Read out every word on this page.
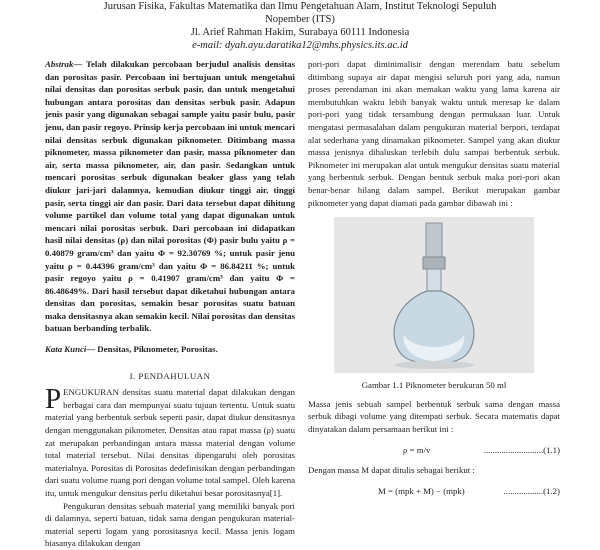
Jurusan Fisika, Fakultas Matematika dan Ilmu Pengetahuan Alam, Institut Teknologi Sepuluh
Nopember (ITS)
Jl. Arief Rahman Hakim, Surabaya 60111 Indonesia
e-mail: dyah.ayu.daratika12@mhs.physics.its.ac.id

Abstrak— Telah dilakukan percobaan berjudul analisis densitas dan porositas pasir. Percobaan ini bertujuan untuk mengetahui nilai densitas dan porositas serbuk pasir, dan untuk mengetahui hubungan antara porositas dan densitas serbuk pasir. Adapun jenis pasir yang digunakan sebagai sample yaitu pasir bulu, pasir jenu, dan pasir regoyo. Prinsip kerja percobaan ini untuk mencari nilai densitas serbuk digunakan piknometer. Ditimbang massa piknometer, massa piknometer dan pasir, massa piknometer dan air, serta massa piknometer, air, dan pasir. Sedangkan untuk mencari porositas serbuk digunakan beaker glass yang telah diukur jari-jari dalamnya, kemudian diukur tinggi air, tinggi pasir, serta tinggi air dan pasir. Dari data tersebut dapat dihitung volume partikel dan volume total yang dapat digunakan untuk mencari nilai porositas serbuk. Dari percobaan ini didapatkan hasil nilai densitas (ρ) dan nilai porositas (Φ) pasir bulu yaitu ρ = 0.40879 gram/cm³ dan yaitu Φ = 92.30769 %; untuk pasir jenu yaitu ρ = 0.44396 gram/cm³ dan yaitu Φ = 86.84211 %; untuk pasir regoyo yaitu ρ = 0.41907 gram/cm³ dan yaitu Φ = 86.48649%. Dari hasil tersebut dapat diketahui hubungan antara densitas dan porositas, semakin besar porositas suatu batuan maka densitasnya akan semakin kecil. Nilai porositas dan densitas batuan berbanding terbalik.

Kata Kunci— Densitas, Piknometer, Porositas.

I. PENDAHULUAN

PENGUKURAN densitas suatu material dapat dilakukan dengan berbagai cara dan mempunyai suatu tujuan tertentu. Untuk suatu material yang berbentuk serbuk seperti pasir, dapat diukur densitasnya dengan menggunakan piknometer. Densitas atau rapat massa (ρ) suatu zat merupakan perbandingan antara massa material dengan volume total material tersebut. Nilai densitas dipengaruhi oleh porositas materialnya. Porositas di Porositas dedefinisikan dengan perbandingan dari suatu volume ruang pori dengan volume total sampel. Oleh karena itu, untuk mengukur densitas perlu diketahui besar porositasnya[1].

Pengukuran densitas sebuah material yang memiliki banyak pori di dalamnya, seperti batuan, tidak sama dengan pengukuran material-material seperti logam yang porositasnya kecil. Massa jenis logam biasanya dilakukan dengan

pori-pori dapat diminimalisir dengan merendam batu sebelum ditimbang supaya air dapat mengisi seluruh pori yang ada, namun proses perendaman ini akan memakan waktu yang lama karena air membutuhkan waktu lebih banyak waktu untuk meresap ke dalam pori-pori yang tidak tersambung dengan permukaan luar. Untuk mengatasi permasalahan dalam pengukuran material berpori, terdapat alat sederhana yang dinamakan piknometer. Sampel yang akan diukur massa jenisnya dihaluskan terlebih dulu sampai berbentuk serbuk. Piknometer ini merupakan alat untuk mengukur densitas suatu material yang berbentuk serbuk. Dengan bentuk serbuk maka pori-pori akan benar-benar hilang dalam sampel. Berikut merupakan gambar piknometer yang dapat diamati pada gambar dibawah ini :

Gambar 1.1 Piknometer berukuran 50 ml

Massa jenis sebuah sampel berbentuk serbuk sama dengan massa serbuk dibagi volume yang ditempati serbuk. Secara matematis dapat dinyatakan dalam persamaan berikut ini :

ρ = m/v	...........................(1.1)

Dengan massa M dapat ditulis sebagai berikut :

M = (mpk + M) − (mpk)	..................(1.2)
